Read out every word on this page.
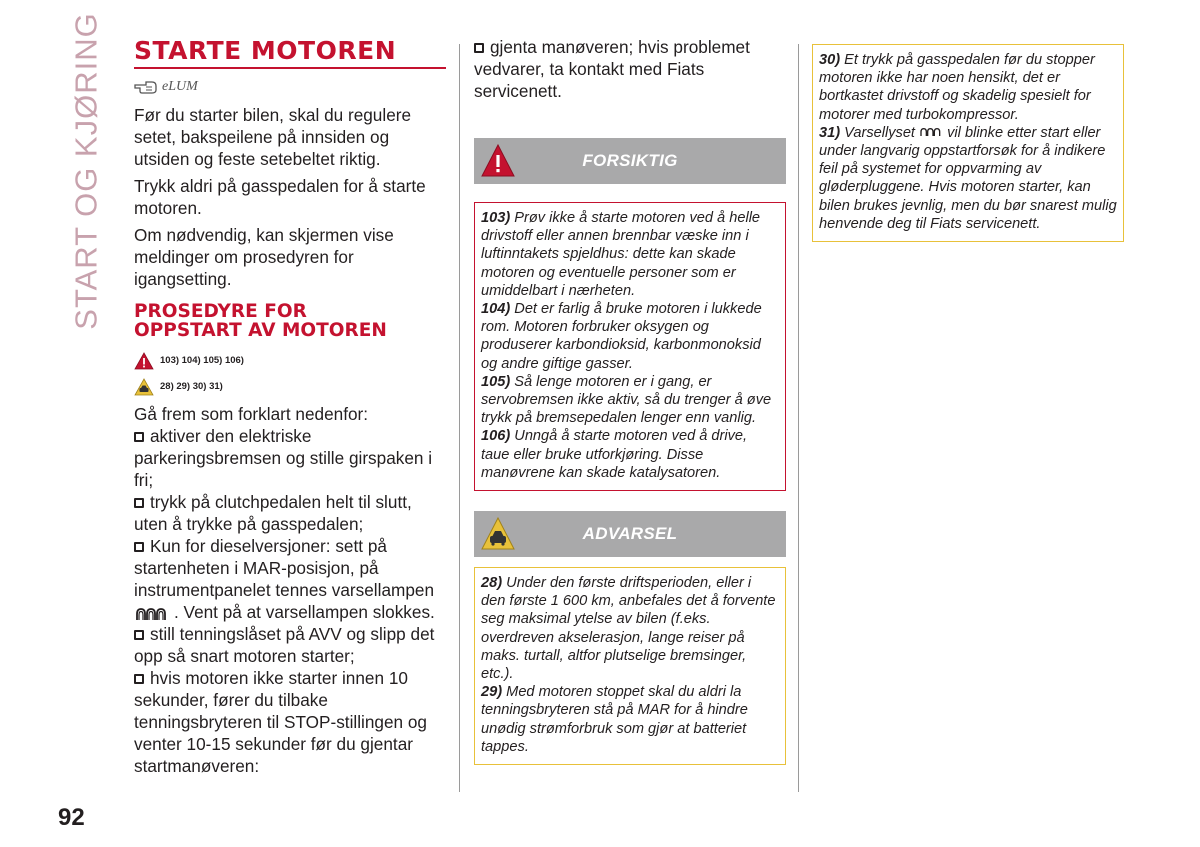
START OG KJØRING STARTE MOTOREN
eLUM

Før du starter bilen, skal du regulere setet, bakspeilene på innsiden og utsiden og feste setebeltet riktig.

Trykk aldri på gasspedalen for å starte motoren.

Om nødvendig, kan skjermen vise meldinger om prosedyren for igangsetting.

PROSEDYRE FOR
OPPSTART AV MOTOREN
103) 104) 105) 106)
28) 29) 30) 31)

Gå frem som forklart nedenfor:

aktiver den elektriske parkeringsbremsen og stille girspaken i fri;
trykk på clutchpedalen helt til slutt, uten å trykke på gasspedalen;
Kun for dieselversjoner: sett på startenheten i MAR-posisjon, på instrumentpanelet tennes varsellampen
. Vent på at varsellampen slokkes.
still tenningslåset på AVV og slipp det opp så snart motoren starter;
hvis motoren ikke starter innen 10 sekunder, fører du tilbake tenningsbryteren til STOP-stillingen og venter 10-15 sekunder før du gjentar startmanøveren:
gjenta manøveren; hvis problemet vedvarer, ta kontakt med Fiats servicenett.
FORSIKTIG

103) Prøv ikke å starte motoren ved å helle drivstoff eller annen brennbar væske inn i luftinntakets spjeldhus: dette kan skade motoren og eventuelle personer som er umiddelbart i nærheten.

104) Det er farlig å bruke motoren i lukkede rom. Motoren forbruker oksygen og produserer karbondioksid, karbonmonoksid og andre giftige gasser.

105) Så lenge motoren er i gang, er servobremsen ikke aktiv, så du trenger å øve trykk på bremsepedalen lenger enn vanlig.

106) Unngå å starte motoren ved å drive, taue eller bruke utforkjøring. Disse manøvrene kan skade katalysatoren.

ADVARSEL

28) Under den første driftsperioden, eller i den første 1 600 km, anbefales det å forvente seg maksimal ytelse av bilen (f.eks. overdreven akselerasjon, lange reiser på maks. turtall, altfor plutselige bremsinger, etc.).

29) Med motoren stoppet skal du aldri la tenningsbryteren stå på MAR for å hindre unødig strømforbruk som gjør at batteriet tappes.

30) Et trykk på gasspedalen før du stopper motoren ikke har noen hensikt, det er bortkastet drivstoff og skadelig spesielt for motorer med turbokompressor.

31) Varsellyset vil blinke etter start eller under langvarig oppstartforsøk for å indikere feil på systemet for oppvarming av gløderpluggene. Hvis motoren starter, kan bilen brukes jevnlig, men du bør snarest mulig henvende deg til Fiats servicenett.

92
